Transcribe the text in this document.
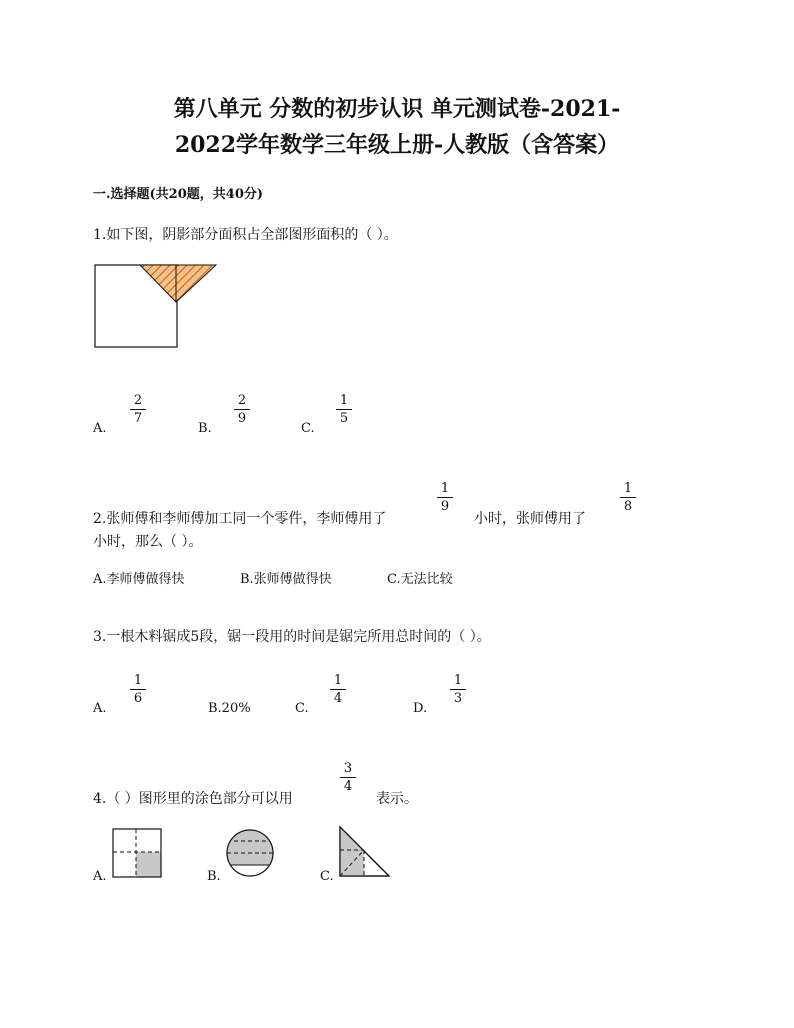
第八单元 分数的初步认识 单元测试卷-2021-
2022学年数学三年级上册-人教版（含答案）
一.选择题(共20题，共40分)
1.如下图，阴影部分面积占全部图形面积的（ ）。
A.
2
7
B.
2
9
C.
1
5
2.张师傅和李师傅加工同一个零件，李师傅用了
1
9
小时，张师傅用了
1
8
小时，那么（ ）。
A.李师傅做得快	B.张师傅做得快	C.无法比较
3.一根木料锯成5段，锯一段用的时间是锯完所用总时间的（ ）。
A.
1
6
B.20%	C.
1
4
D.
1
3
4.（ ）图形里的涂色部分可以用
3
4
表示。
A.	B.	C.
